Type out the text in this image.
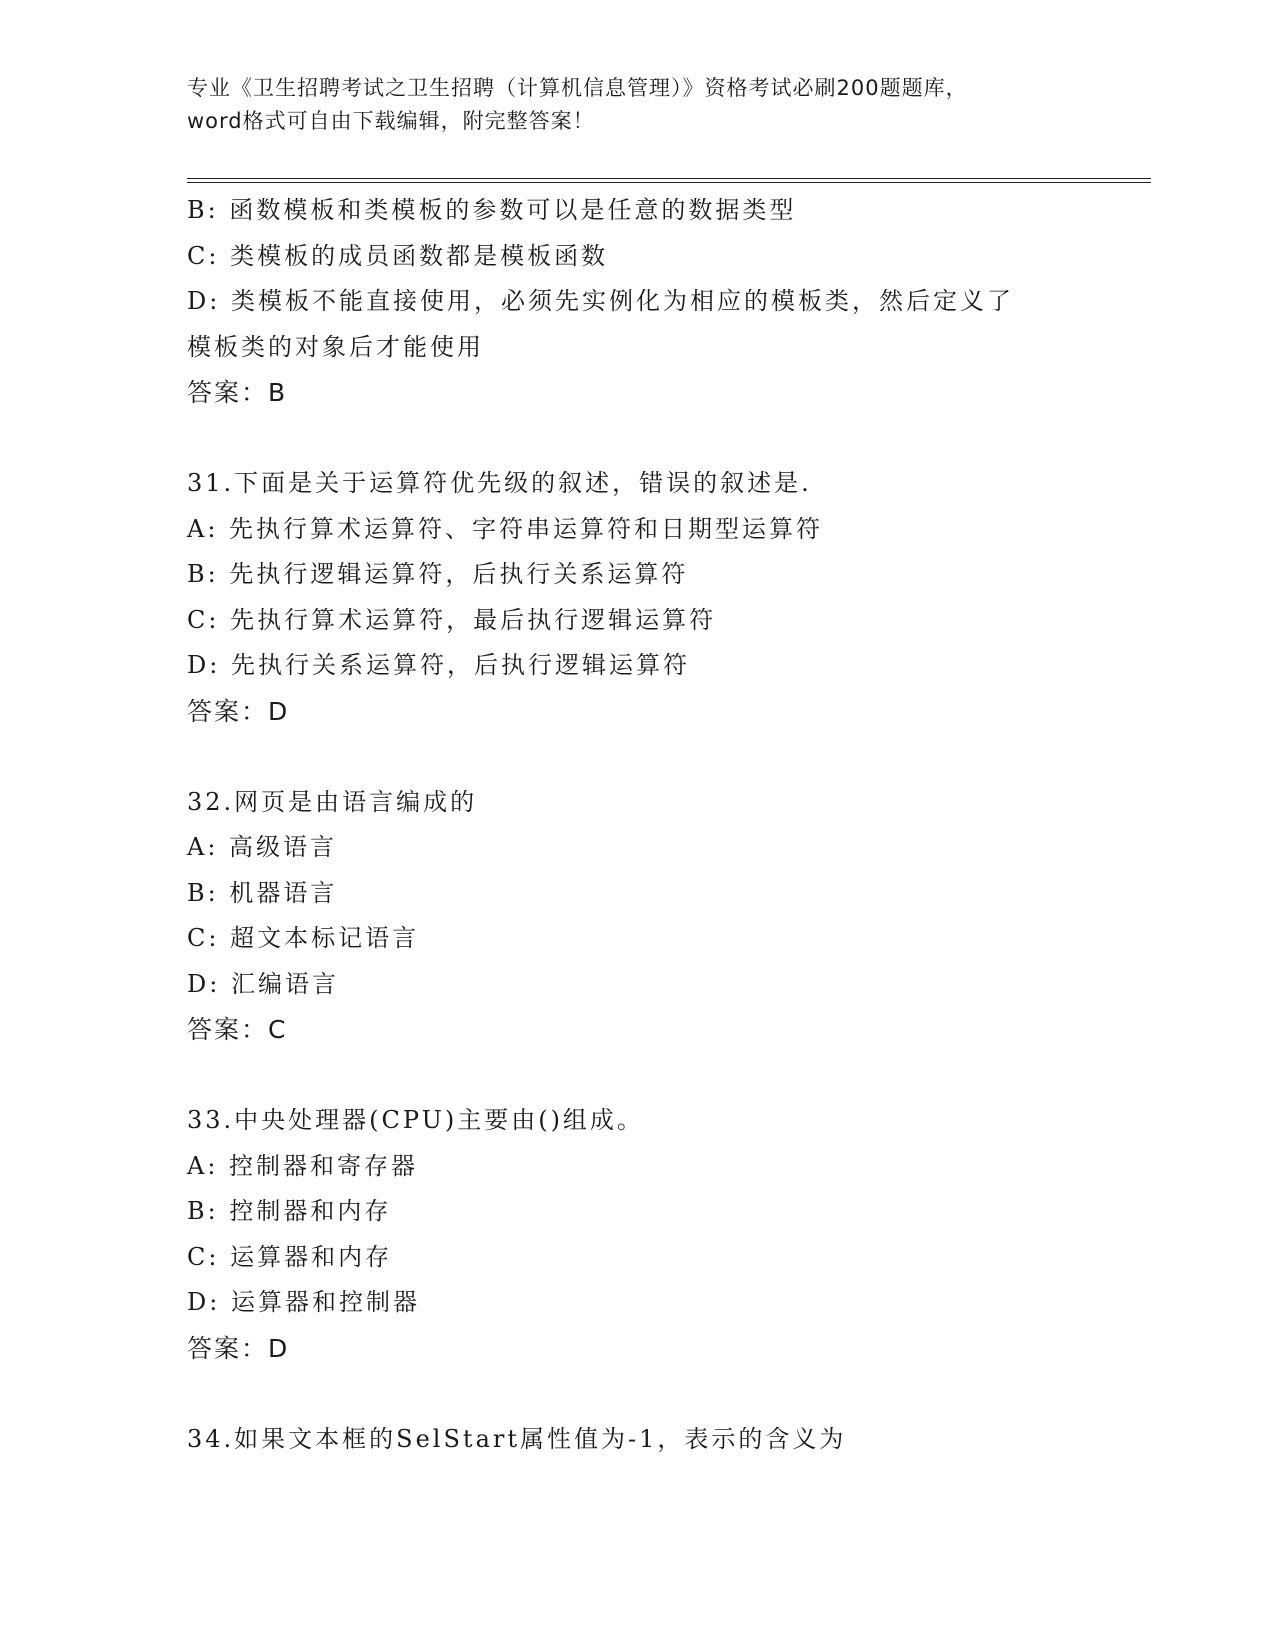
专业《卫生招聘考试之卫生招聘（计算机信息管理）》资格考试必刷200题题库，
word格式可自由下载编辑，附完整答案！
B: 函数模板和类模板的参数可以是任意的数据类型
C: 类模板的成员函数都是模板函数
D: 类模板不能直接使用，必须先实例化为相应的模板类，然后定义了
模板类的对象后才能使用
答案：B
31.下面是关于运算符优先级的叙述，错误的叙述是.
A: 先执行算术运算符、字符串运算符和日期型运算符
B: 先执行逻辑运算符，后执行关系运算符
C: 先执行算术运算符，最后执行逻辑运算符
D: 先执行关系运算符，后执行逻辑运算符
答案：D
32.网页是由语言编成的
A: 高级语言
B: 机器语言
C: 超文本标记语言
D: 汇编语言
答案：C
33.中央处理器(CPU)主要由()组成。
A: 控制器和寄存器
B: 控制器和内存
C: 运算器和内存
D: 运算器和控制器
答案：D
34.如果文本框的SelStart属性值为-1，表示的含义为
